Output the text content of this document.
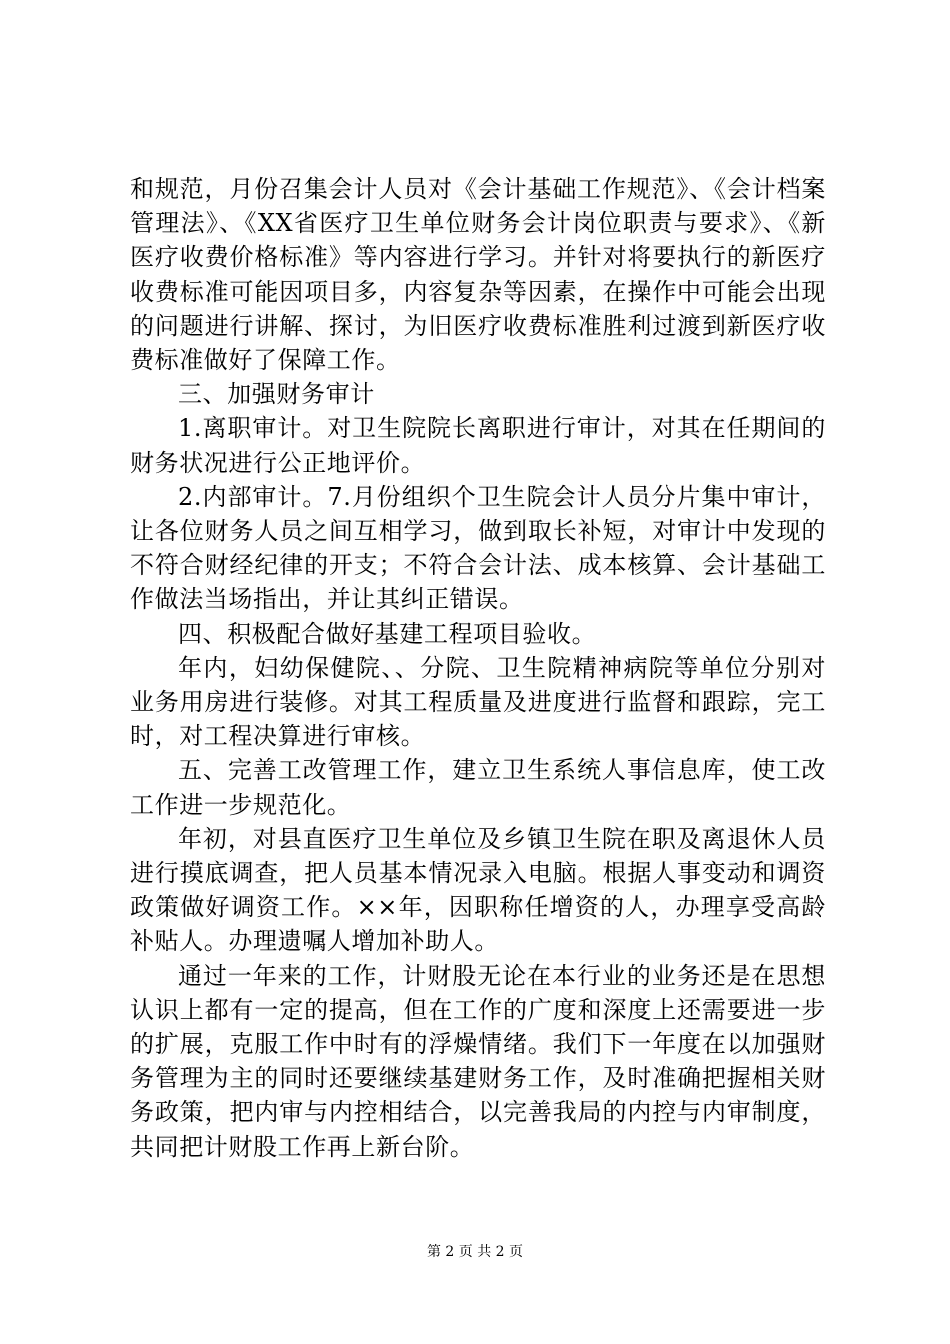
和规范，月份召集会计人员对《会计基础工作规范》、《会计档案管理法》、《XX省医疗卫生单位财务会计岗位职责与要求》、《新医疗收费价格标准》等内容进行学习。并针对将要执行的新医疗收费标准可能因项目多，内容复杂等因素，在操作中可能会出现的问题进行讲解、探讨，为旧医疗收费标准胜利过渡到新医疗收费标准做好了保障工作。

三、加强财务审计

1.离职审计。对卫生院院长离职进行审计，对其在任期间的财务状况进行公正地评价。

2.内部审计。7.月份组织个卫生院会计人员分片集中审计，让各位财务人员之间互相学习，做到取长补短，对审计中发现的不符合财经纪律的开支；不符合会计法、成本核算、会计基础工作做法当场指出，并让其纠正错误。

四、积极配合做好基建工程项目验收。

年内，妇幼保健院、、分院、卫生院精神病院等单位分别对业务用房进行装修。对其工程质量及进度进行监督和跟踪，完工时，对工程决算进行审核。

五、完善工改管理工作，建立卫生系统人事信息库，使工改工作进一步规范化。

年初，对县直医疗卫生单位及乡镇卫生院在职及离退休人员进行摸底调查，把人员基本情况录入电脑。根据人事变动和调资政策做好调资工作。××年，因职称任增资的人，办理享受高龄补贴人。办理遗嘱人增加补助人。

通过一年来的工作，计财股无论在本行业的业务还是在思想认识上都有一定的提高，但在工作的广度和深度上还需要进一步的扩展，克服工作中时有的浮燥情绪。我们下一年度在以加强财务管理为主的同时还要继续基建财务工作，及时准确把握相关财务政策，把内审与内控相结合，以完善我局的内控与内审制度，共同把计财股工作再上新台阶。

第 2 页 共 2 页
